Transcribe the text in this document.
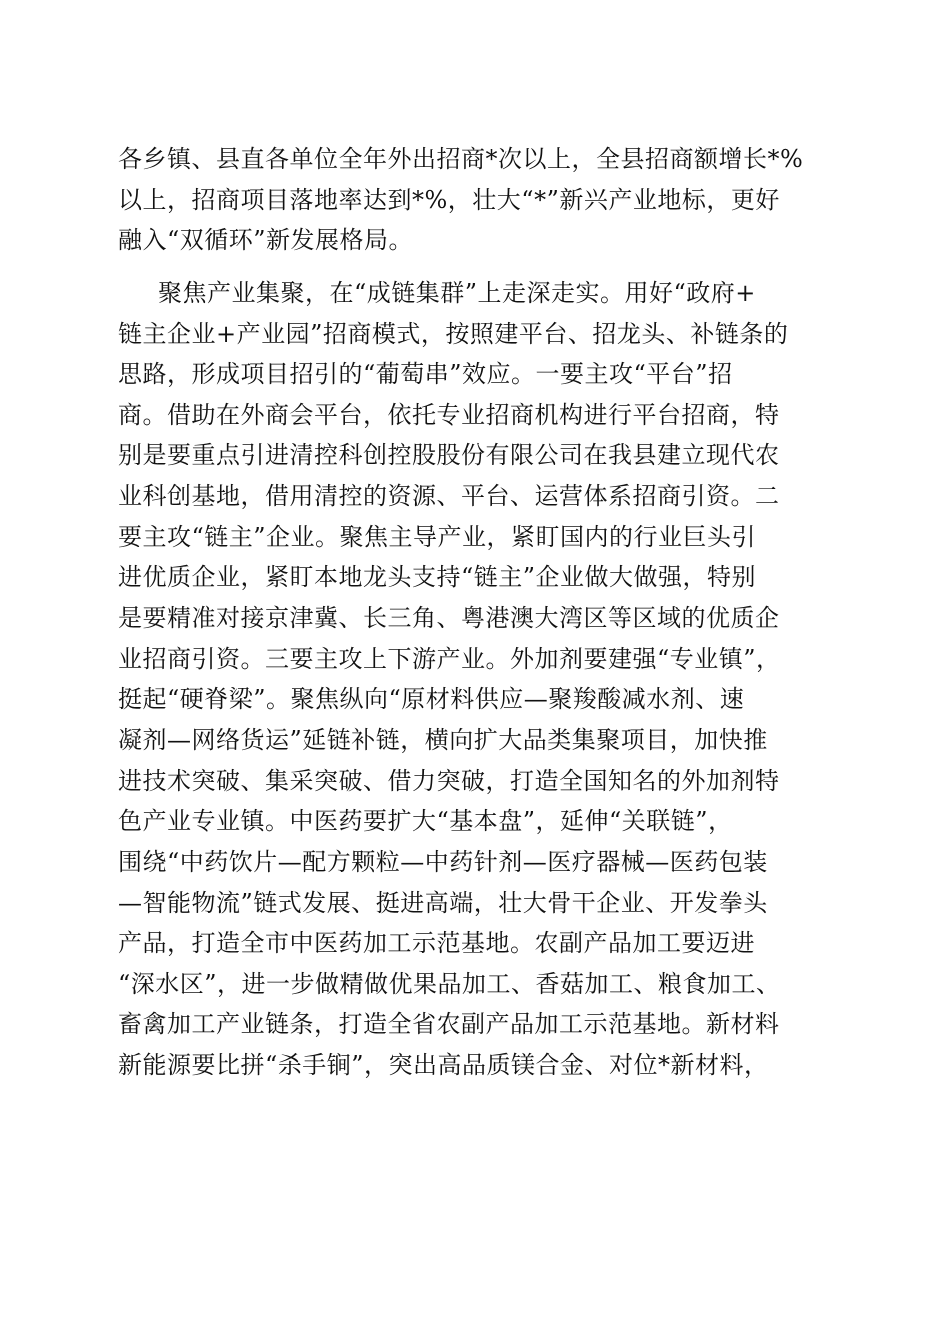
各乡镇、县直各单位全年外出招商*次以上，全县招商额增长*%
以上，招商项目落地率达到*%，壮大“*”新兴产业地标，更好
融入“双循环”新发展格局。
聚焦产业集聚，在“成链集群”上走深走实。用好“政府+
链主企业+产业园”招商模式，按照建平台、招龙头、补链条的
思路，形成项目招引的“葡萄串”效应。一要主攻“平台”招
商。借助在外商会平台，依托专业招商机构进行平台招商，特
别是要重点引进清控科创控股股份有限公司在我县建立现代农
业科创基地，借用清控的资源、平台、运营体系招商引资。二
要主攻“链主”企业。聚焦主导产业，紧盯国内的行业巨头引
进优质企业，紧盯本地龙头支持“链主”企业做大做强，特别
是要精准对接京津冀、长三角、粤港澳大湾区等区域的优质企
业招商引资。三要主攻上下游产业。外加剂要建强“专业镇”，
挺起“硬脊梁”。聚焦纵向“原材料供应—聚羧酸减水剂、速
凝剂—网络货运”延链补链，横向扩大品类集聚项目，加快推
进技术突破、集采突破、借力突破，打造全国知名的外加剂特
色产业专业镇。中医药要扩大“基本盘”，延伸“关联链”，
围绕“中药饮片—配方颗粒—中药针剂—医疗器械—医药包装
—智能物流”链式发展、挺进高端，壮大骨干企业、开发拳头
产品，打造全市中医药加工示范基地。农副产品加工要迈进
“深水区”，进一步做精做优果品加工、香菇加工、粮食加工、
畜禽加工产业链条，打造全省农副产品加工示范基地。新材料
新能源要比拼“杀手锏”，突出高品质镁合金、对位*新材料，
